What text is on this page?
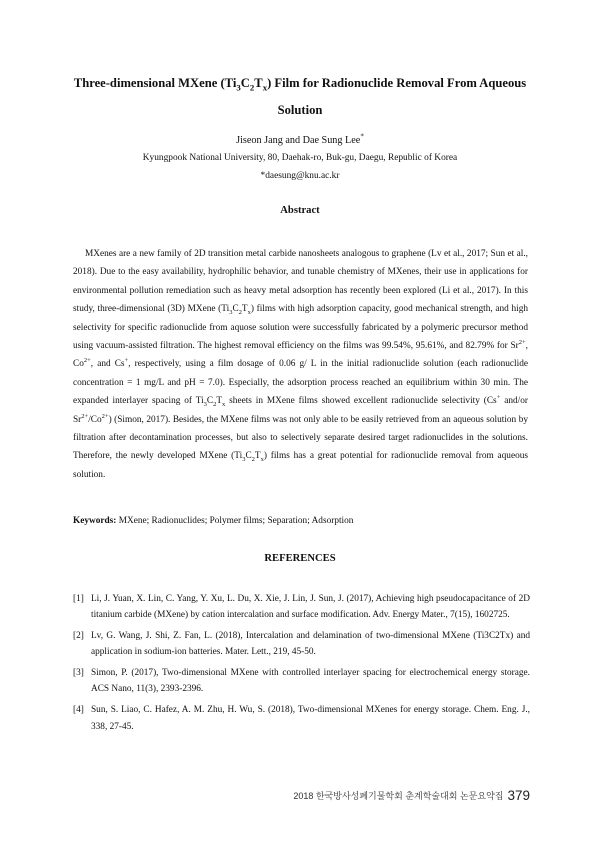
Three-dimensional MXene $(Ti_3C_2T_x)$ Film for Radionuclide Removal From Aqueous Solution
Jiseon Jang and Dae Sung Lee*
Kyungpook National University, 80, Daehak-ro, Buk-gu, Daegu, Republic of Korea
*daesung@knu.ac.kr
Abstract

MXenes are a new family of 2D transition metal carbide nanosheets analogous to graphene (Lv et al., 2017; Sun et al., 2018). Due to the easy availability, hydrophilic behavior, and tunable chemistry of MXenes, their use in applications for environmental pollution remediation such as heavy metal adsorption has recently been explored (Li et al., 2017). In this study, three-dimensional (3D) MXene $(Ti_3C_2T_x)$ films with high adsorption capacity, good mechanical strength, and high selectivity for specific radionuclide from aquose solution were successfully fabricated by a polymeric precursor method using vacuum-assisted filtration. The highest removal efficiency on the films was 99.54%, 95.61%, and 82.79% for $Sr^{2+}$, $Co^{2+}$, and Cs+, respectively, using a film dosage of 0.06 g/ L in the initial radionuclide solution (each radionuclide concentration = 1 mg/L and pH = 7.0). Especially, the adsorption process reached an equilibrium within 30 min. The expanded interlayer spacing of $Ti_3C_2T_x$ sheets in MXene films showed excellent radionuclide selectivity (Cs+ and/or $Sr^{2+}/Co^{2+}$) (Simon, 2017). Besides, the MXene films was not only able to be easily retrieved from an aqueous solution by filtration after decontamination processes, but also to selectively separate desired target radionuclides in the solutions. Therefore, the newly developed MXene $(Ti_3C_2T_x)$ films has a great potential for radionuclide removal from aqueous solution.

Keywords: MXene; Radionuclides; Polymer films; Separation; Adsorption
REFERENCES
[1] Li, J. Yuan, X. Lin, C. Yang, Y. Xu, L. Du, X. Xie, J. Lin, J. Sun, J. (2017), Achieving high pseudocapacitance of 2D titanium carbide (MXene) by cation intercalation and surface modification. Adv. Energy Mater., 7(15), 1602725.
[2] Lv, G. Wang, J. Shi, Z. Fan, L. (2018), Intercalation and delamination of two-dimensional MXene (Ti3C2Tx) and application in sodium-ion batteries. Mater. Lett., 219, 45-50.
[3] Simon, P. (2017), Two-dimensional MXene with controlled interlayer spacing for electrochemical energy storage. ACS Nano, 11(3), 2393-2396.
[4] Sun, S. Liao, C. Hafez, A. M. Zhu, H. Wu, S. (2018), Two-dimensional MXenes for energy storage. Chem. Eng. J., 338, 27-45.
2018 한국방사성폐기물학회 춘계학술대회 논문요약집 379
